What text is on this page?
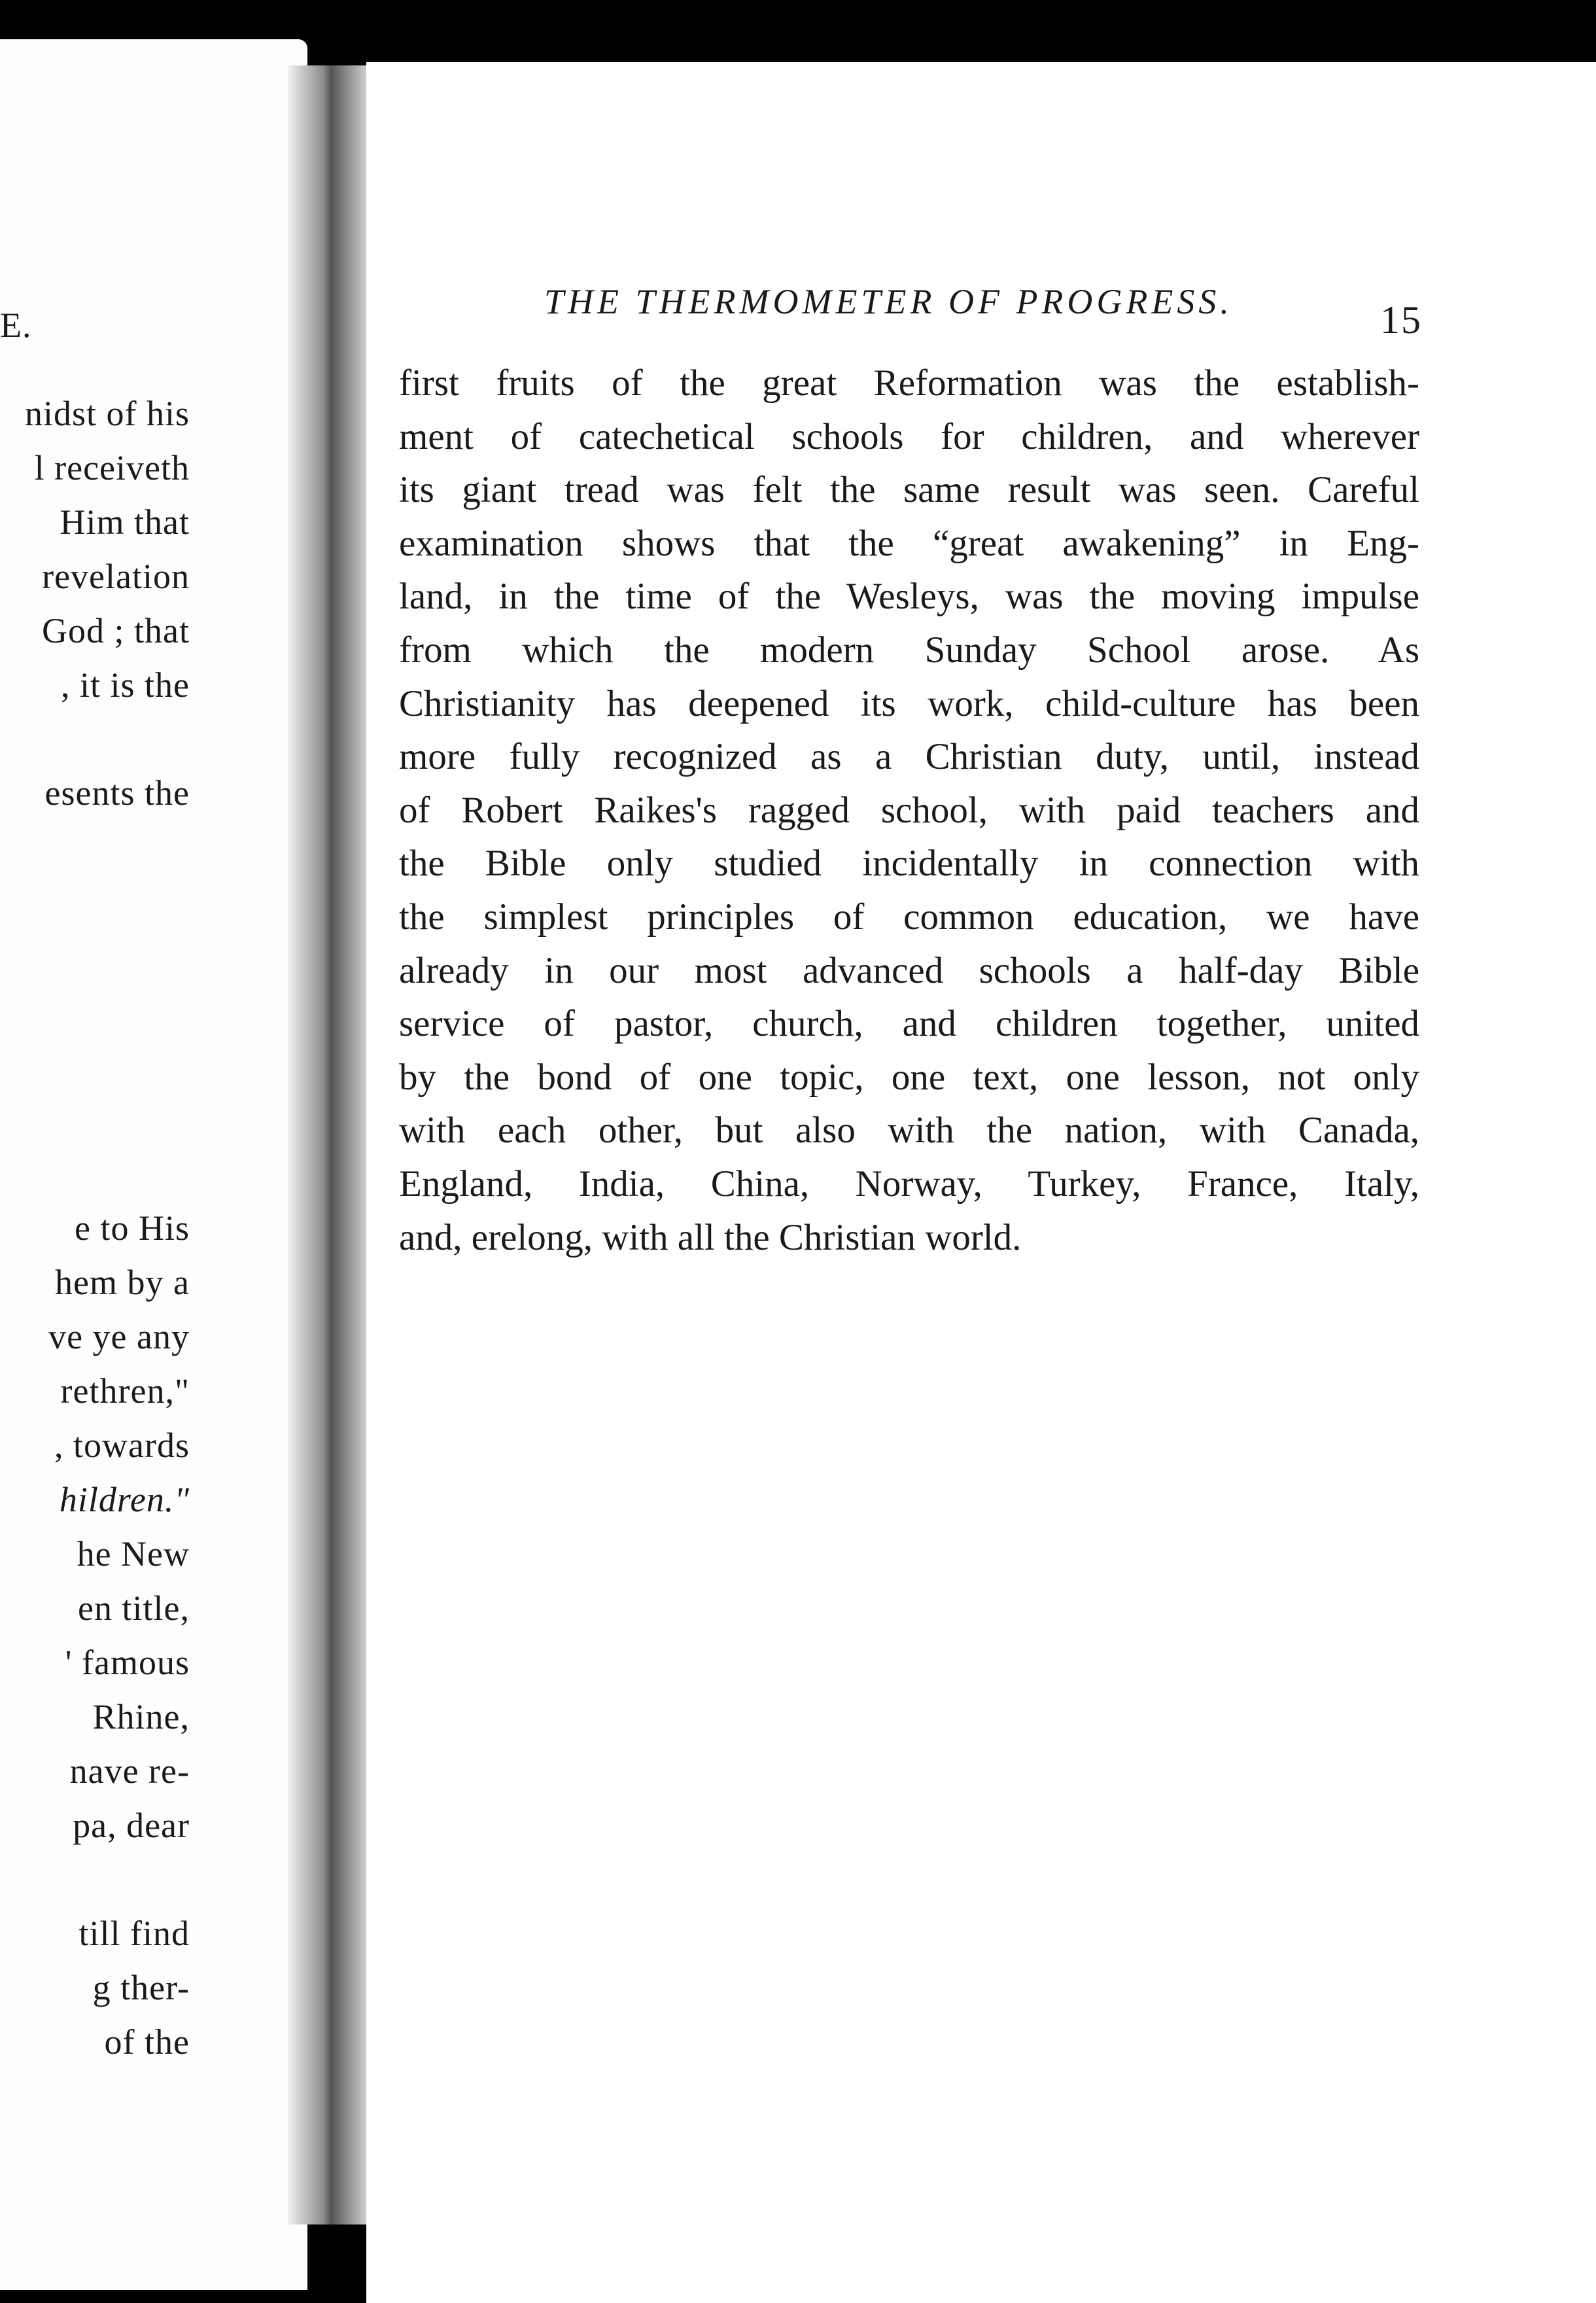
E.
nidst of his
l receiveth
Him that
revelation
God ; that
, it is the
esents the
e to His
hem by a
ve ye any
rethren,"
, towards
hildren."
he New
en title,
' famous
Rhine,
nave re-
pa, dear
till find
g ther-
of the
THE THERMOMETER OF PROGRESS.	15
first fruits of the great Reformation was the establish-
ment of catechetical schools for children, and wherever
its giant tread was felt the same result was seen. Careful
examination shows that the “great awakening” in Eng-
land, in the time of the Wesleys, was the moving impulse
from which the modern Sunday School arose. As
Christianity has deepened its work, child-culture has been
more fully recognized as a Christian duty, until, instead
of Robert Raikes's ragged school, with paid teachers and
the Bible only studied incidentally in connection with
the simplest principles of common education, we have
already in our most advanced schools a half-day Bible
service of pastor, church, and children together, united
by the bond of one topic, one text, one lesson, not only
with each other, but also with the nation, with Canada,
England, India, China, Norway, Turkey, France, Italy,
and, erelong, with all the Christian world.
